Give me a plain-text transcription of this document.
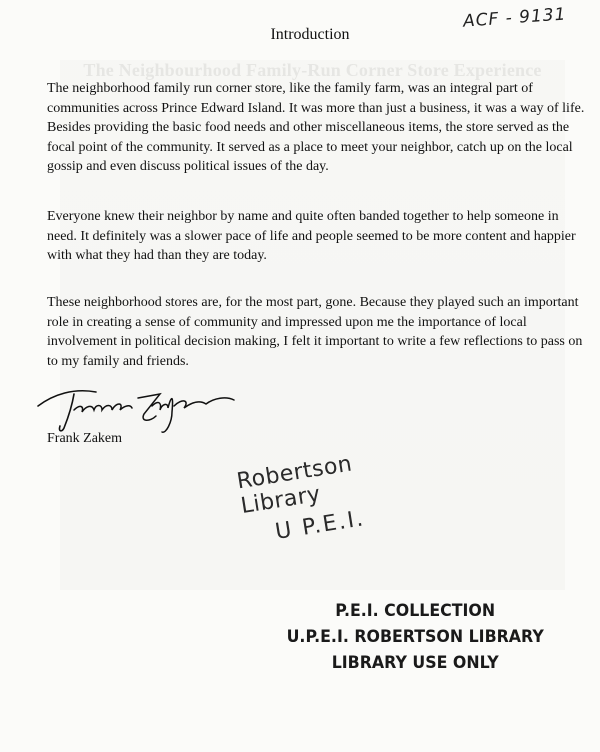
The Neighbourhood Family-Run Corner Store Experience
ACF - 9131
Introduction

The neighborhood family run corner store, like the family farm, was an integral part of communities across Prince Edward Island. It was more than just a business, it was a way of life. Besides providing the basic food needs and other miscellaneous items, the store served as the focal point of the community. It served as a place to meet your neighbor, catch up on the local gossip and even discuss political issues of the day.

Everyone knew their neighbor by name and quite often banded together to help someone in need. It definitely was a slower pace of life and people seemed to be more content and happier with what they had than they are today.

These neighborhood stores are, for the most part, gone. Because they played such an important role in creating a sense of community and impressed upon me the importance of local involvement in political decision making, I felt it important to write a few reflections to pass on to my family and friends.

Frank Zakem
Robertson Library
U P.E.I.
P.E.I. COLLECTION
U.P.E.I. ROBERTSON LIBRARY
LIBRARY USE ONLY
